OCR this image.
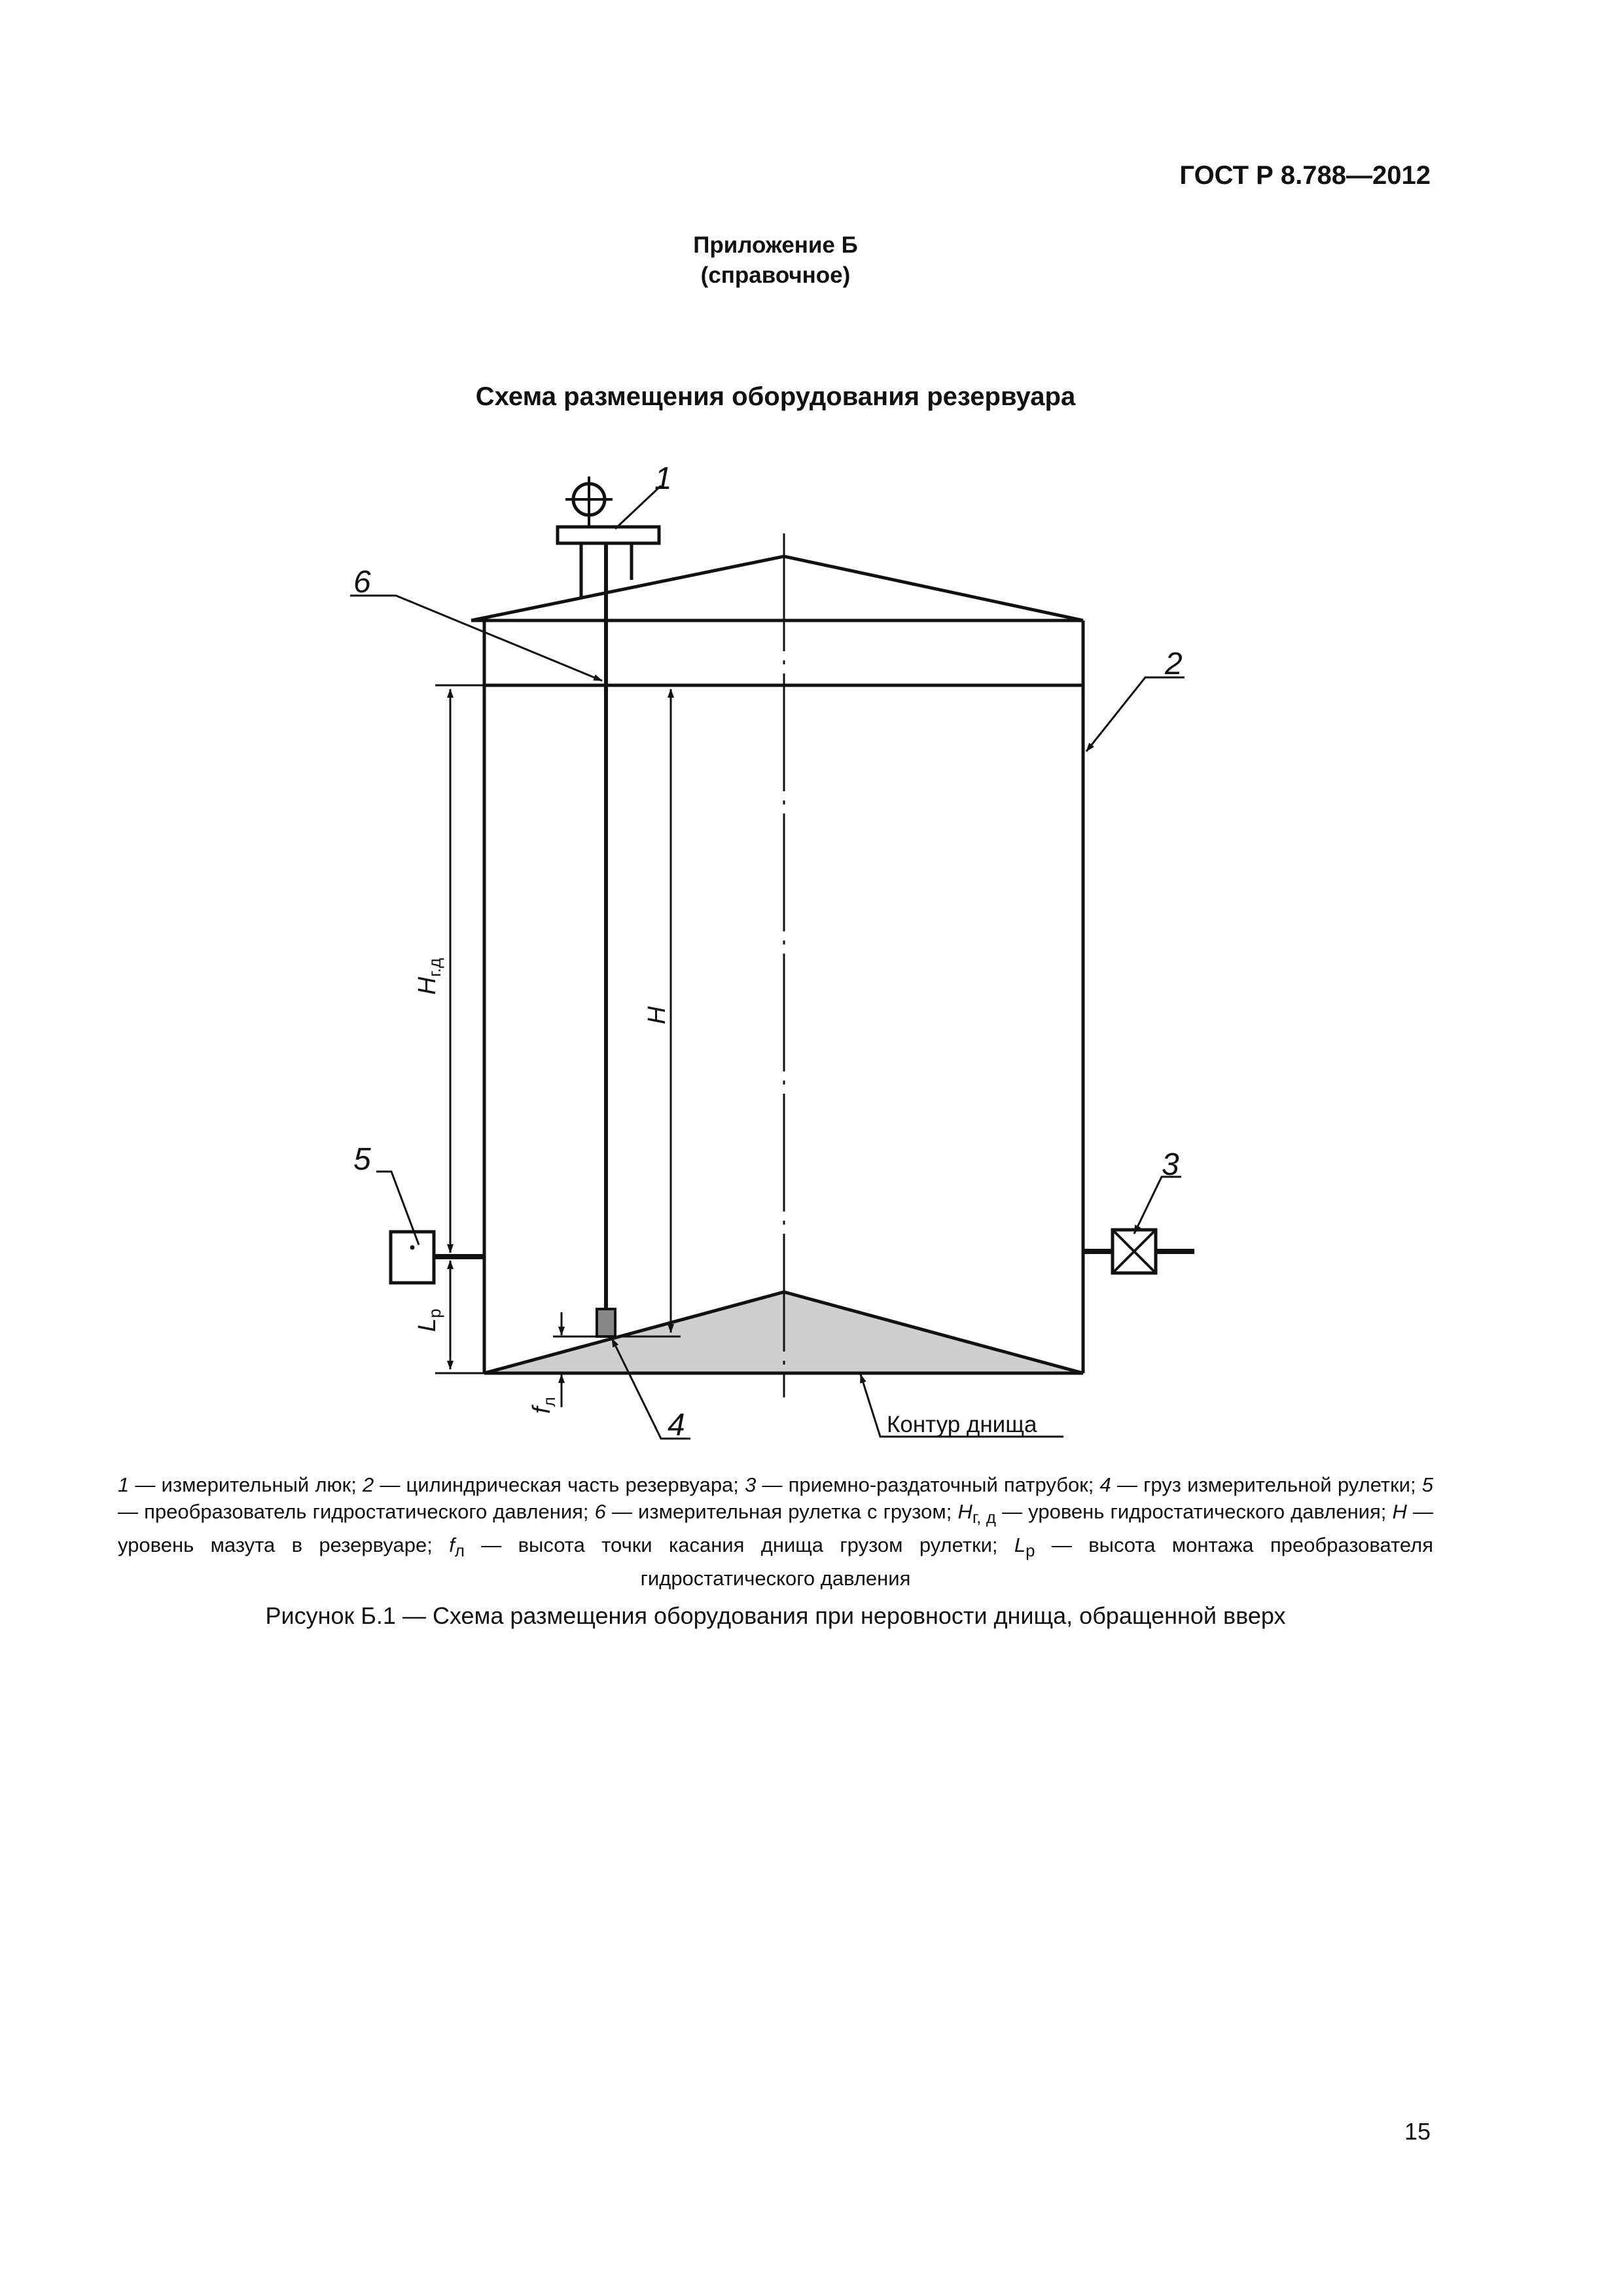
ГОСТ Р 8.788—2012
Приложение Б
(справочное)
Схема размещения оборудования резервуара
1
6
2
5	3
4	Контур днища
$H_{г.д}$
H
$L_р$
$f_л$
1 — измерительный люк; 2 — цилиндрическая часть резервуара; 3 — приемно-раздаточный патрубок; 4 — груз измерительной рулетки; 5 — преобразователь гидростатического давления; 6 — измерительная рулетка с грузом; $H_{г, д}$ — уровень гидростатического давления; H — уровень мазута в резервуаре; $f_л$ — высота точки касания днища грузом рулетки; $L_р$ — высота монтажа преобразователя гидростатического давления
Рисунок Б.1 — Схема размещения оборудования при неровности днища, обращенной вверх
15
